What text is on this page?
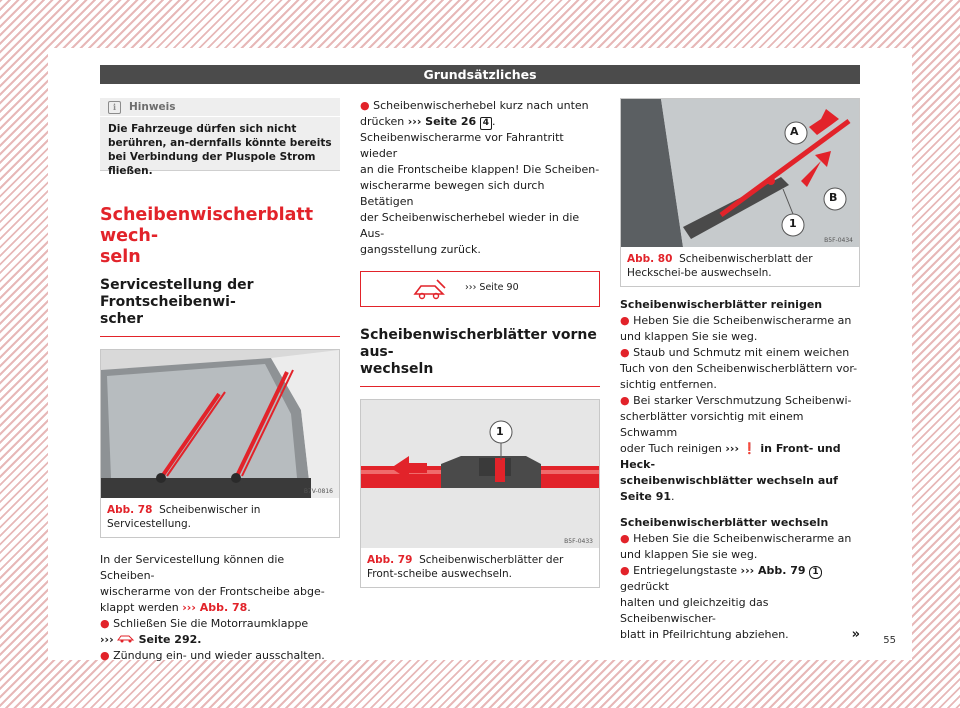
Grundsätzliches
i	Hinweis
Die Fahrzeuge dürfen sich nicht berühren, an-dernfalls könnte bereits bei Verbindung der Pluspole Strom fließen.

Scheibenwischerblatt wech-

seln

Servicestellung der Frontscheibenwi-

scher

B7V-0816
Abb. 78 Scheibenwischer in Servicestellung.

In der Servicestellung können die Scheiben-

wischerarme von der Frontscheibe abge-

klappt werden ››› Abb. 78.

● Schließen Sie die Motorraumklappe

››› Seite 292.

● Zündung ein- und wieder ausschalten.

● Scheibenwischerhebel kurz nach unten

drücken ››› Seite 26 4 .

Scheibenwischerarme vor Fahrantritt wieder

an die Frontscheibe klappen! Die Scheiben-

wischerarme bewegen sich durch Betätigen

der Scheibenwischerhebel wieder in die Aus-

gangsstellung zurück.

››› Seite 90

Scheibenwischerblätter vorne aus-

wechseln

1
B5F-0433
Abb. 79 Scheibenwischerblätter der Front-scheibe auswechseln.
A
B
1
B5F-0434
Abb. 80 Scheibenwischerblatt der Heckschei-be auswechseln.

Scheibenwischerblätter reinigen

● Heben Sie die Scheibenwischerarme an

und klappen Sie sie weg.

● Staub und Schmutz mit einem weichen

Tuch von den Scheibenwischerblättern vor-

sichtig entfernen.

● Bei starker Verschmutzung Scheibenwi-

scherblätter vorsichtig mit einem Schwamm

oder Tuch reinigen ››› ❗ in Front- und Heck-

scheibenwischblätter wechseln auf

Seite 91.

Scheibenwischerblätter wechseln

● Heben Sie die Scheibenwischerarme an

und klappen Sie sie weg.

● Entriegelungstaste ››› Abb. 79 1 gedrückt

halten und gleichzeitig das Scheibenwischer-

blatt in Pfeilrichtung abziehen.	» 55
